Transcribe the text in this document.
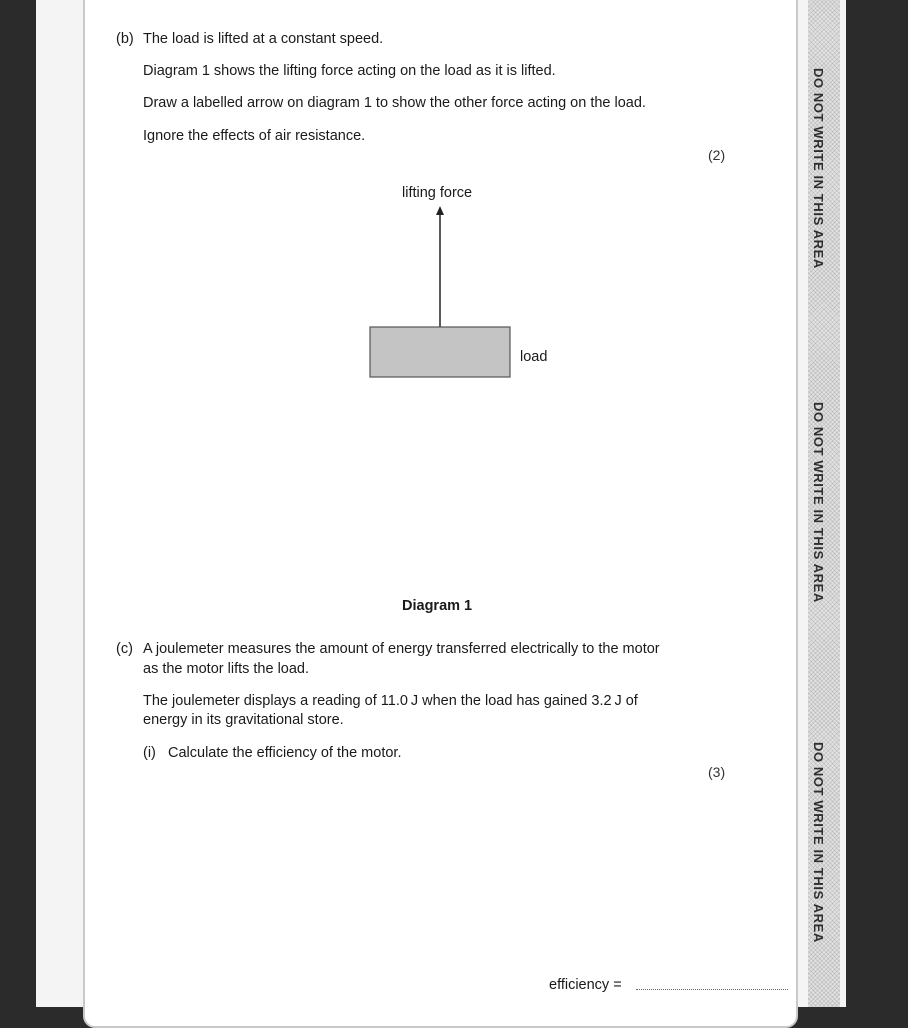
DO NOT WRITE IN THIS AREA
DO NOT WRITE IN THIS AREA
DO NOT WRITE IN THIS AREA
(b) The load is lifted at a constant speed.
Diagram 1 shows the lifting force acting on the load as it is lifted.
Draw a labelled arrow on diagram 1 to show the other force acting on the load.
Ignore the effects of air resistance.
(2)
lifting force
load
Diagram 1
(c) A joulemeter measures the amount of energy transferred electrically to the motor
as the motor lifts the load.
The joulemeter displays a reading of 11.0 J when the load has gained 3.2 J of
energy in its gravitational store.
(i) Calculate the efficiency of the motor.
(3)
efficiency =
